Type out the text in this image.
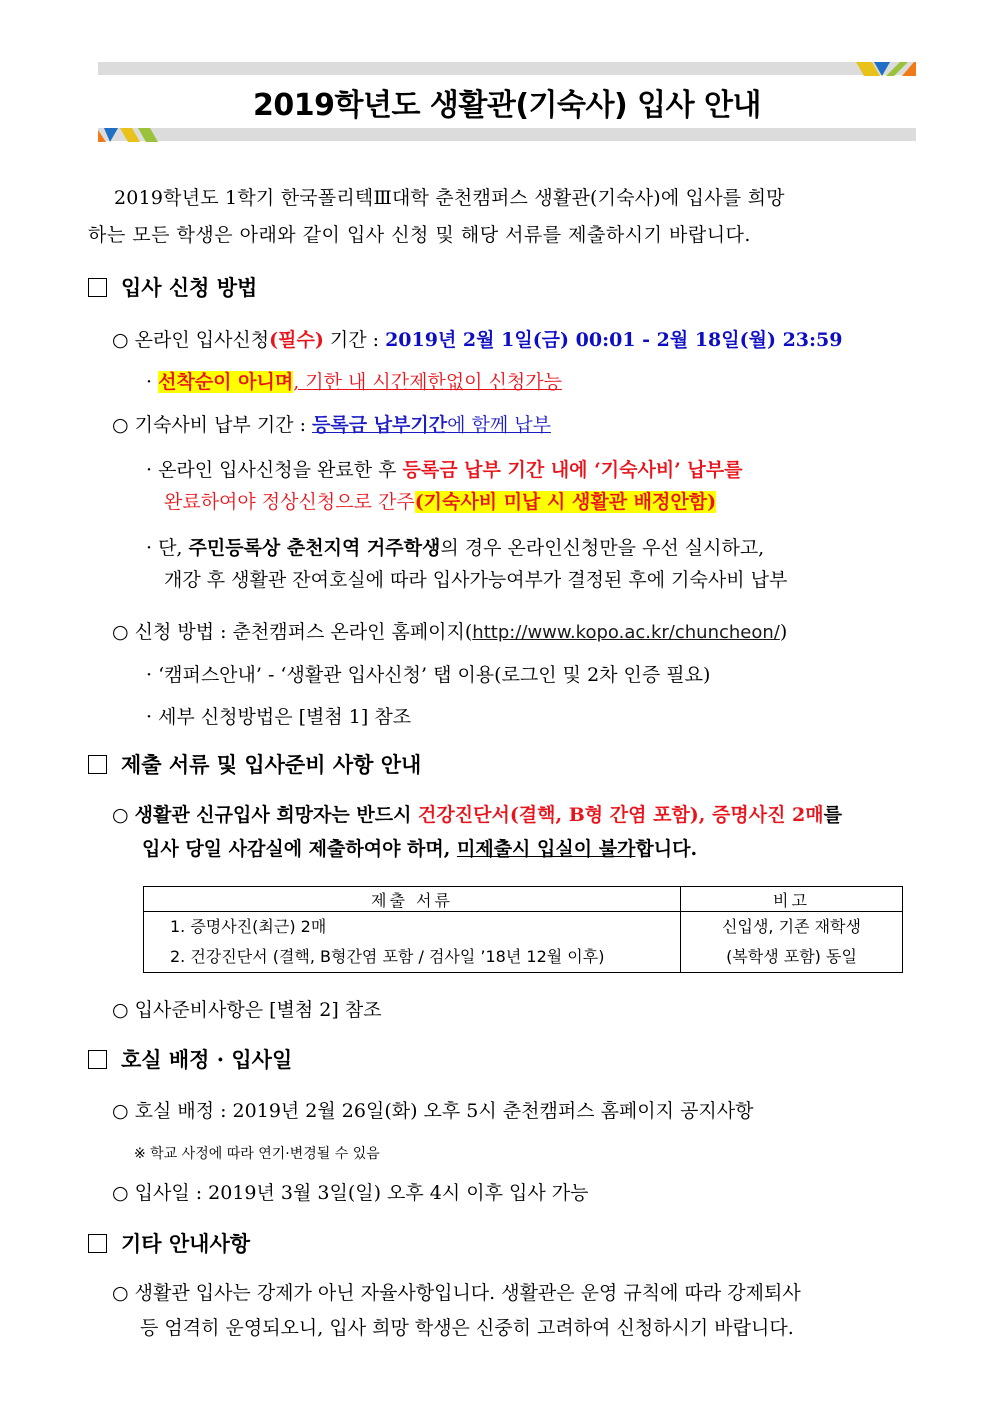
2019학년도 생활관(기숙사) 입사 안내
2019학년도 1학기 한국폴리텍Ⅲ대학 춘천캠퍼스 생활관(기숙사)에 입사를 희망
하는 모든 학생은 아래와 같이 입사 신청 및 해당 서류를 제출하시기 바랍니다.
입사 신청 방법
○ 온라인 입사신청(필수) 기간 : 2019년 2월 1일(금) 00:01 - 2월 18일(월) 23:59
· 선착순이 아니며, 기한 내 시간제한없이 신청가능
○ 기숙사비 납부 기간 : 등록금 납부기간에 함께 납부
· 온라인 입사신청을 완료한 후 등록금 납부 기간 내에 ‘기숙사비’ 납부를
완료하여야 정상신청으로 간주(기숙사비 미납 시 생활관 배정안함)
· 단, 주민등록상 춘천지역 거주학생의 경우 온라인신청만을 우선 실시하고,
개강 후 생활관 잔여호실에 따라 입사가능여부가 결정된 후에 기숙사비 납부
○ 신청 방법 : 춘천캠퍼스 온라인 홈페이지(http://www.kopo.ac.kr/chuncheon/)
· ‘캠퍼스안내’ - ‘생활관 입사신청’ 탭 이용(로그인 및 2차 인증 필요)
· 세부 신청방법은 [별첨 1] 참조
제출 서류 및 입사준비 사항 안내
○ 생활관 신규입사 희망자는 반드시 건강진단서(결핵, B형 간염 포함), 증명사진 2매를
입사 당일 사감실에 제출하여야 하며, 미제출시 입실이 불가합니다.
제출 서류	비고

1. 증명사진(최근) 2매
2. 건강진단서 (결핵, B형간염 포함 / 검사일 ’18년 12월 이후)	신입생, 기존 재학생
(복학생 포함) 동일
○ 입사준비사항은 [별첨 2] 참조
호실 배정 · 입사일
○ 호실 배정 : 2019년 2월 26일(화) 오후 5시 춘천캠퍼스 홈페이지 공지사항
※ 학교 사정에 따라 연기·변경될 수 있음
○ 입사일 : 2019년 3월 3일(일) 오후 4시 이후 입사 가능
기타 안내사항
○ 생활관 입사는 강제가 아닌 자율사항입니다. 생활관은 운영 규칙에 따라 강제퇴사
등 엄격히 운영되오니, 입사 희망 학생은 신중히 고려하여 신청하시기 바랍니다.
